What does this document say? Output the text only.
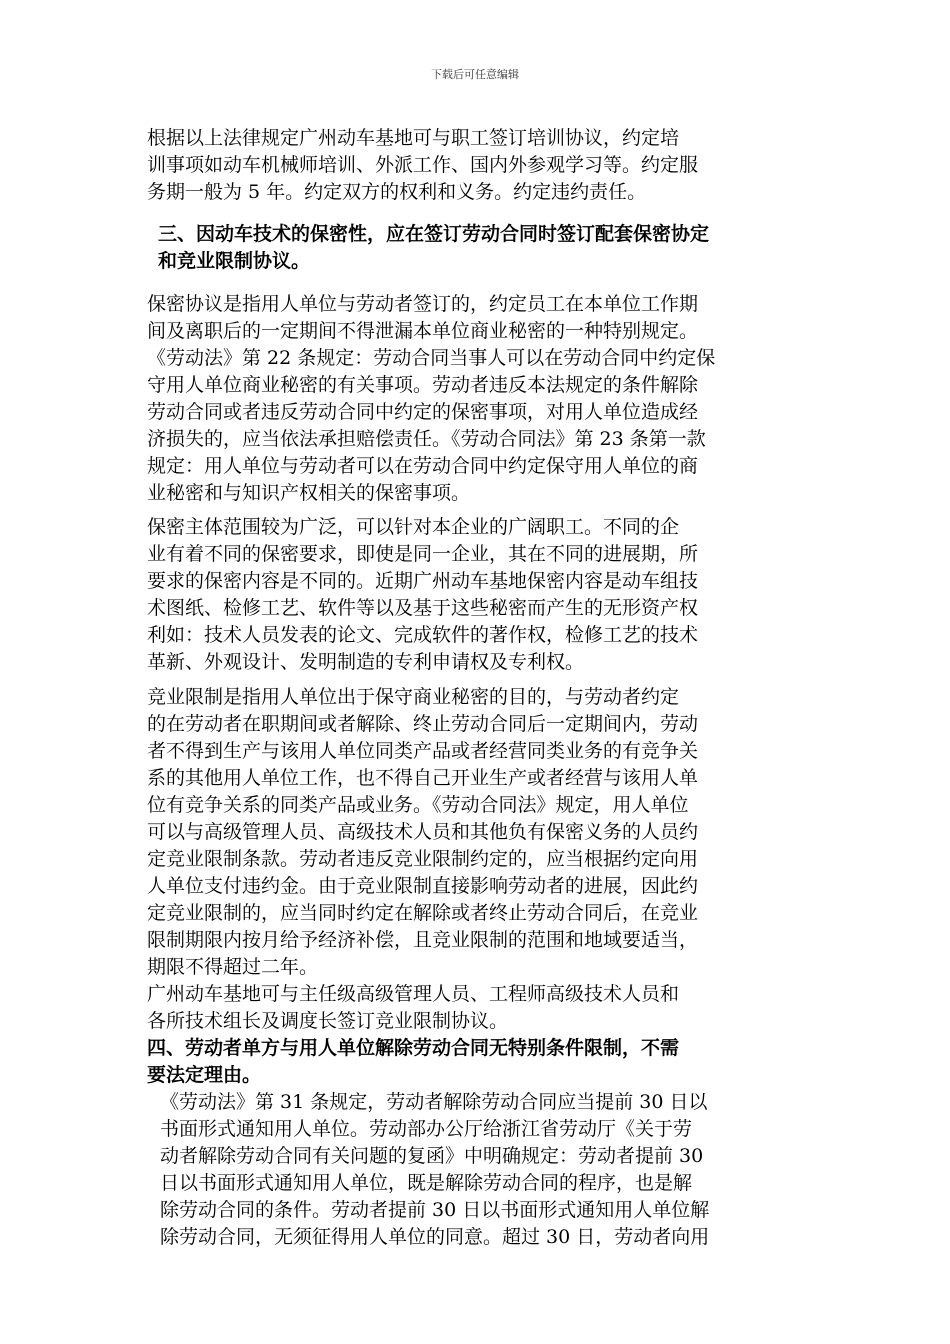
下载后可任意编辑
根据以上法律规定广州动车基地可与职工签订培训协议，约定培
训事项如动车机械师培训、外派工作、国内外参观学习等。约定服
务期一般为 5 年。约定双方的权利和义务。约定违约责任。
三、因动车技术的保密性，应在签订劳动合同时签订配套保密协定
和竞业限制协议。
保密协议是指用人单位与劳动者签订的，约定员工在本单位工作期
间及离职后的一定期间不得泄漏本单位商业秘密的一种特别规定。
《劳动法》第 22 条规定：劳动合同当事人可以在劳动合同中约定保
守用人单位商业秘密的有关事项。劳动者违反本法规定的条件解除
劳动合同或者违反劳动合同中约定的保密事项，对用人单位造成经
济损失的，应当依法承担赔偿责任。《劳动合同法》第 23 条第一款
规定：用人单位与劳动者可以在劳动合同中约定保守用人单位的商
业秘密和与知识产权相关的保密事项。
保密主体范围较为广泛，可以针对本企业的广阔职工。不同的企
业有着不同的保密要求，即使是同一企业，其在不同的进展期，所
要求的保密内容是不同的。近期广州动车基地保密内容是动车组技
术图纸、检修工艺、软件等以及基于这些秘密而产生的无形资产权
利如：技术人员发表的论文、完成软件的著作权，检修工艺的技术
革新、外观设计、发明制造的专利申请权及专利权。
竞业限制是指用人单位出于保守商业秘密的目的，与劳动者约定
的在劳动者在职期间或者解除、终止劳动合同后一定期间内，劳动
者不得到生产与该用人单位同类产品或者经营同类业务的有竞争关
系的其他用人单位工作，也不得自己开业生产或者经营与该用人单
位有竞争关系的同类产品或业务。《劳动合同法》规定，用人单位
可以与高级管理人员、高级技术人员和其他负有保密义务的人员约
定竞业限制条款。劳动者违反竞业限制约定的，应当根据约定向用
人单位支付违约金。由于竞业限制直接影响劳动者的进展，因此约
定竞业限制的，应当同时约定在解除或者终止劳动合同后，在竞业
限制期限内按月给予经济补偿，且竞业限制的范围和地域要适当，
期限不得超过二年。
广州动车基地可与主任级高级管理人员、工程师高级技术人员和
各所技术组长及调度长签订竞业限制协议。
四、劳动者单方与用人单位解除劳动合同无特别条件限制，不需
要法定理由。
《劳动法》第 31 条规定，劳动者解除劳动合同应当提前 30 日以
书面形式通知用人单位。劳动部办公厅给浙江省劳动厅《关于劳
动者解除劳动合同有关问题的复函》中明确规定：劳动者提前 30
日以书面形式通知用人单位，既是解除劳动合同的程序，也是解
除劳动合同的条件。劳动者提前 30 日以书面形式通知用人单位解
除劳动合同，无须征得用人单位的同意。超过 30 日，劳动者向用
